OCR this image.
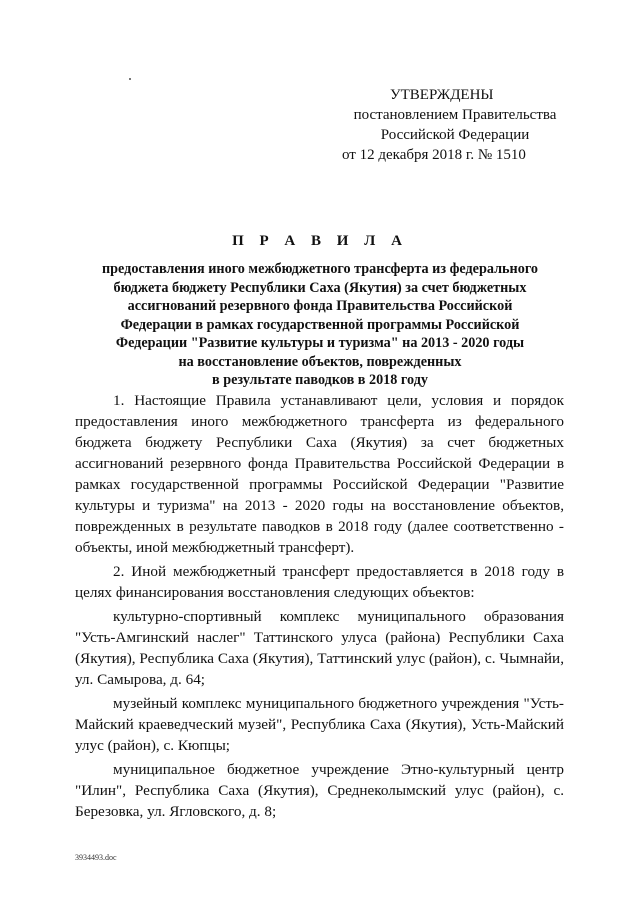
УТВЕРЖДЕНЫ
постановлением Правительства
Российской Федерации
от 12 декабря 2018 г. № 1510
П Р А В И Л А
предоставления иного межбюджетного трансферта из федерального
бюджета бюджету Республики Саха (Якутия) за счет бюджетных
ассигнований резервного фонда Правительства Российской
Федерации в рамках государственной программы Российской
Федерации "Развитие культуры и туризма" на 2013 - 2020 годы
на восстановление объектов, поврежденных
в результате паводков в 2018 году

1. Настоящие Правила устанавливают цели, условия и порядок предоставления иного межбюджетного трансферта из федерального бюджета бюджету Республики Саха (Якутия) за счет бюджетных ассигнований резервного фонда Правительства Российской Федерации в рамках государственной программы Российской Федерации "Развитие культуры и туризма" на 2013 - 2020 годы на восстановление объектов, поврежденных в результате паводков в 2018 году (далее соответственно - объекты, иной межбюджетный трансферт).

2. Иной межбюджетный трансферт предоставляется в 2018 году в целях финансирования восстановления следующих объектов:

культурно-спортивный комплекс муниципального образования "Усть-Амгинский наслег" Таттинского улуса (района) Республики Саха (Якутия), Республика Саха (Якутия), Таттинский улус (район), с. Чымнайи, ул. Самырова, д. 64;

музейный комплекс муниципального бюджетного учреждения "Усть-Майский краеведческий музей", Республика Саха (Якутия), Усть-Майский улус (район), с. Кюпцы;

муниципальное бюджетное учреждение Этно-культурный центр "Илин", Республика Саха (Якутия), Среднеколымский улус (район), с. Березовка, ул. Ягловского, д. 8;

3934493.doc
